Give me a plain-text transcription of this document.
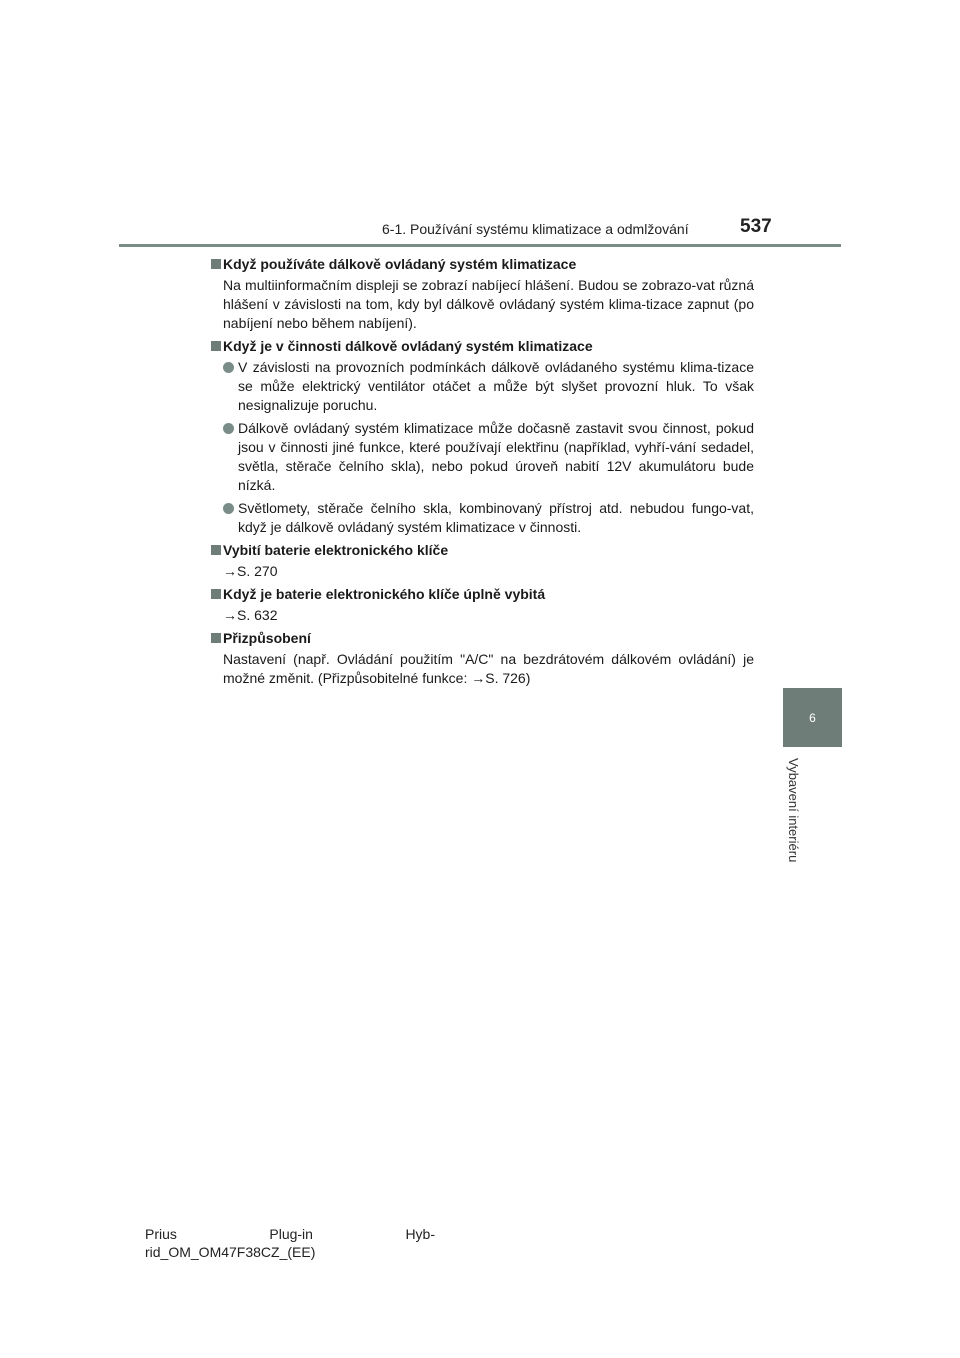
6-1. Používání systému klimatizace a odmlžování	537
Když používáte dálkově ovládaný systém klimatizace
Na multiinformačním displeji se zobrazí nabíjecí hlášení. Budou se zobrazo-vat různá hlášení v závislosti na tom, kdy byl dálkově ovládaný systém klima-tizace zapnut (po nabíjení nebo během nabíjení).
Když je v činnosti dálkově ovládaný systém klimatizace
V závislosti na provozních podmínkách dálkově ovládaného systému klima-tizace se může elektrický ventilátor otáčet a může být slyšet provozní hluk. To však nesignalizuje poruchu.
Dálkově ovládaný systém klimatizace může dočasně zastavit svou činnost, pokud jsou v činnosti jiné funkce, které používají elektřinu (například, vyhří-vání sedadel, světla, stěrače čelního skla), nebo pokud úroveň nabití 12V akumulátoru bude nízká.
Světlomety, stěrače čelního skla, kombinovaný přístroj atd. nebudou fungo-vat, když je dálkově ovládaný systém klimatizace v činnosti.
Vybití baterie elektronického klíče
→S. 270
Když je baterie elektronického klíče úplně vybitá
→S. 632
Přizpůsobení
Nastavení (např. Ovládání použitím "A/C" na bezdrátovém dálkovém ovládání) je možné změnit. (Přizpůsobitelné funkce: →S. 726)
6
Vybavení interiéru
Prius	Plug-in	Hyb-
rid_OM_OM47F38CZ_(EE)
